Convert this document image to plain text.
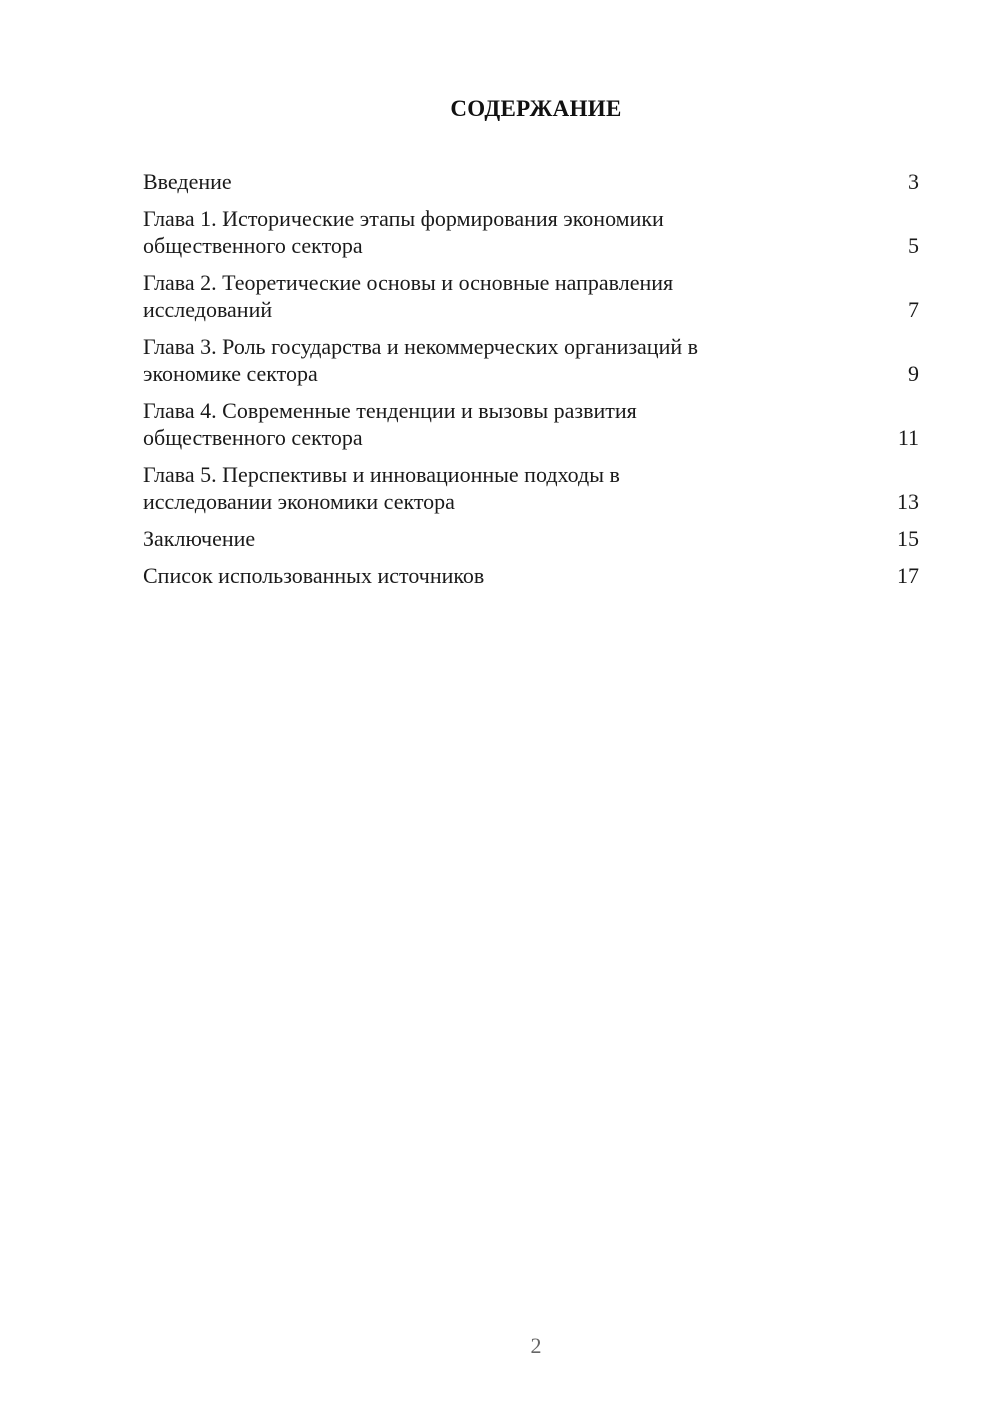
СОДЕРЖАНИЕ
Введение	3
Глава 1. Исторические этапы формирования экономики
общественного сектора	5
Глава 2. Теоретические основы и основные направления
исследований	7
Глава 3. Роль государства и некоммерческих организаций в
экономике сектора	9
Глава 4. Современные тенденции и вызовы развития
общественного сектора	11
Глава 5. Перспективы и инновационные подходы в
исследовании экономики сектора	13
Заключение	15
Список использованных источников	17
2
